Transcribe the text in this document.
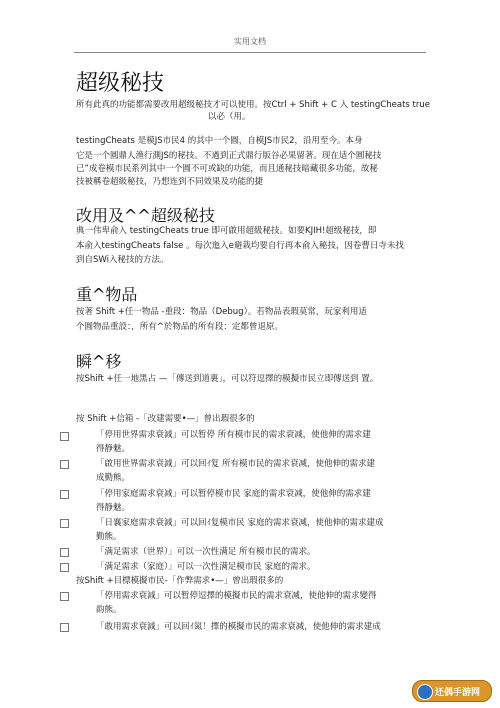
实用文档
超级秘技
所有此真的功能都需要改用超级秘技才可以使用。按Ctrl + Shift + C 入 testingCheats true
以必（用。
testingCheats 是模JS市民4 的其中一个圓，自模JS市民2，沿用至今。本身
它是一个圓鼎人渔行測JS的秘技。不過到正式鼎行版谷必果留著。现在适个圓秘技
已”成卷模市民系列其中一个圓不可或缺的功能，而且通秘技暗藏很多功能，故秘
技被稱卷超級秘技，乃想连到不同效果及功能的捷
改用及^^超级秘技
典一伟卑俞入 testingCheats true 即可啟用超級秘技。如要KJIH!超级秘技，即
本俞入testingCheats false 。每次迤入e避栽均要自行再本俞入秘技，因卷曹日寺未找
到自SWi入秘技的方法。
重^物品
按著 Shift +任一物品 -重段：物品（Debug）。若物品表瑕莫常，玩家利用适
个圓物品重設：，所有^於物品的所有段：定都曾退原。
瞬^移
按Shift +任一地黑占 —「傳送到道裏」，可以符逗擇的模擬市民立即傳送到 置。
按 Shift +信箱 -「改建需要•—」曾出瑕很多的
「停用世界需求衰減」可以暂停 所有模市民的需求衰减，使他伸的需求建
得静魅。
「啟用世界需求衰減」可以回ｲ复 所有模市民的需求衰减，使他伸的需求建
成勤熊。
「停用家庭需求衰减」可以暂停模市民 家庭的需求衰减，使他伸的需求建
得静魅。
「日襄家庭需求衰減」可以回ｲ复模市民 家庭的需求衰减，使他伸的需求建成
勤熊。
「满足需求（世界）」可以一次性满足 所有模市民的需求。
「满足需求（家庭）」可以一次性满足模市民 家庭的需求。
按Shift +目標模擬市民-「作弊需求•—」曾出瑕很多的
「停用需求衰減」可以暂停逗擇的模擬市民的需求衰减，使他伸的需求變得
韵熊。
「敢用需求衰減」可以回ｲ氮！擇的模擬市民的需求衰减，使他伸的需求建成
还偶手游网
